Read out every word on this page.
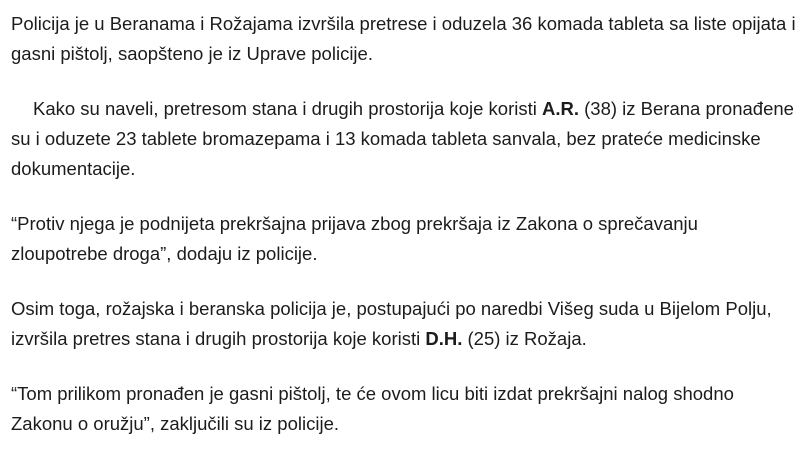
Policija je u Beranama i Rožajama izvršila pretrese i oduzela 36 komada tableta sa liste opijata i gasni pištolj, saopšteno je iz Uprave policije.

Kako su naveli, pretresom stana i drugih prostorija koje koristi A.R. (38) iz Berana pronađene su i oduzete 23 tablete bromazepama i 13 komada tableta sanvala, bez prateće medicinske dokumentacije.

“Protiv njega je podnijeta prekršajna prijava zbog prekršaja iz Zakona o sprečavanju zloupotrebe droga”, dodaju iz policije.

Osim toga, rožajska i beranska policija je, postupajući po naredbi Višeg suda u Bijelom Polju, izvršila pretres stana i drugih prostorija koje koristi D.H. (25) iz Rožaja.

“Tom prilikom pronađen je gasni pištolj, te će ovom licu biti izdat prekršajni nalog shodno Zakonu o oružju”, zaključili su iz policije.
